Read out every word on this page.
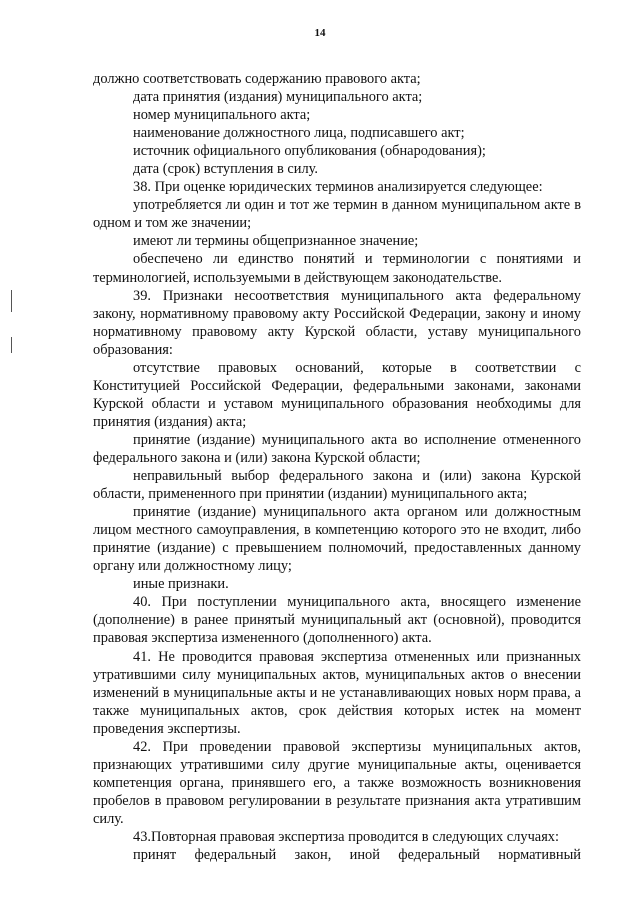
14

должно соответствовать содержанию правового акта;

дата принятия (издания) муниципального акта;

номер муниципального акта;

наименование должностного лица, подписавшего акт;

источник официального опубликования (обнародования);

дата (срок) вступления в силу.

38. При оценке юридических терминов анализируется следующее:

употребляется ли один и тот же термин в данном муниципальном акте в одном и том же значении;

имеют ли термины общепризнанное значение;

обеспечено ли единство понятий и терминологии с понятиями и терминологией, используемыми в действующем законодательстве.

39. Признаки несоответствия муниципального акта федеральному закону, нормативному правовому акту Российской Федерации, закону и иному нормативному правовому акту Курской области, уставу муниципального образования:

отсутствие правовых оснований, которые в соответствии с Конституцией Российской Федерации, федеральными законами, законами Курской области и уставом муниципального образования необходимы для принятия (издания) акта;

принятие (издание) муниципального акта во исполнение отмененного федерального закона и (или) закона Курской области;

неправильный выбор федерального закона и (или) закона Курской области, примененного при принятии (издании) муниципального акта;

принятие (издание) муниципального акта органом или должностным лицом местного самоуправления, в компетенцию которого это не входит, либо принятие (издание) с превышением полномочий, предоставленных данному органу или должностному лицу;

иные признаки.

40. При поступлении муниципального акта, вносящего изменение (дополнение) в ранее принятый муниципальный акт (основной), проводится правовая экспертиза измененного (дополненного) акта.

41. Не проводится правовая экспертиза отмененных или признанных утратившими силу муниципальных актов, муниципальных актов о внесении изменений в муниципальные акты и не устанавливающих новых норм права, а также муниципальных актов, срок действия которых истек на момент проведения экспертизы.

42. При проведении правовой экспертизы муниципальных актов, признающих утратившими силу другие муниципальные акты, оценивается компетенция органа, принявшего его, а также возможность возникновения пробелов в правовом регулировании в результате признания акта утратившим силу.

43.Повторная правовая экспертиза проводится в следующих случаях:

принят федеральный закон, иной федеральный нормативный
